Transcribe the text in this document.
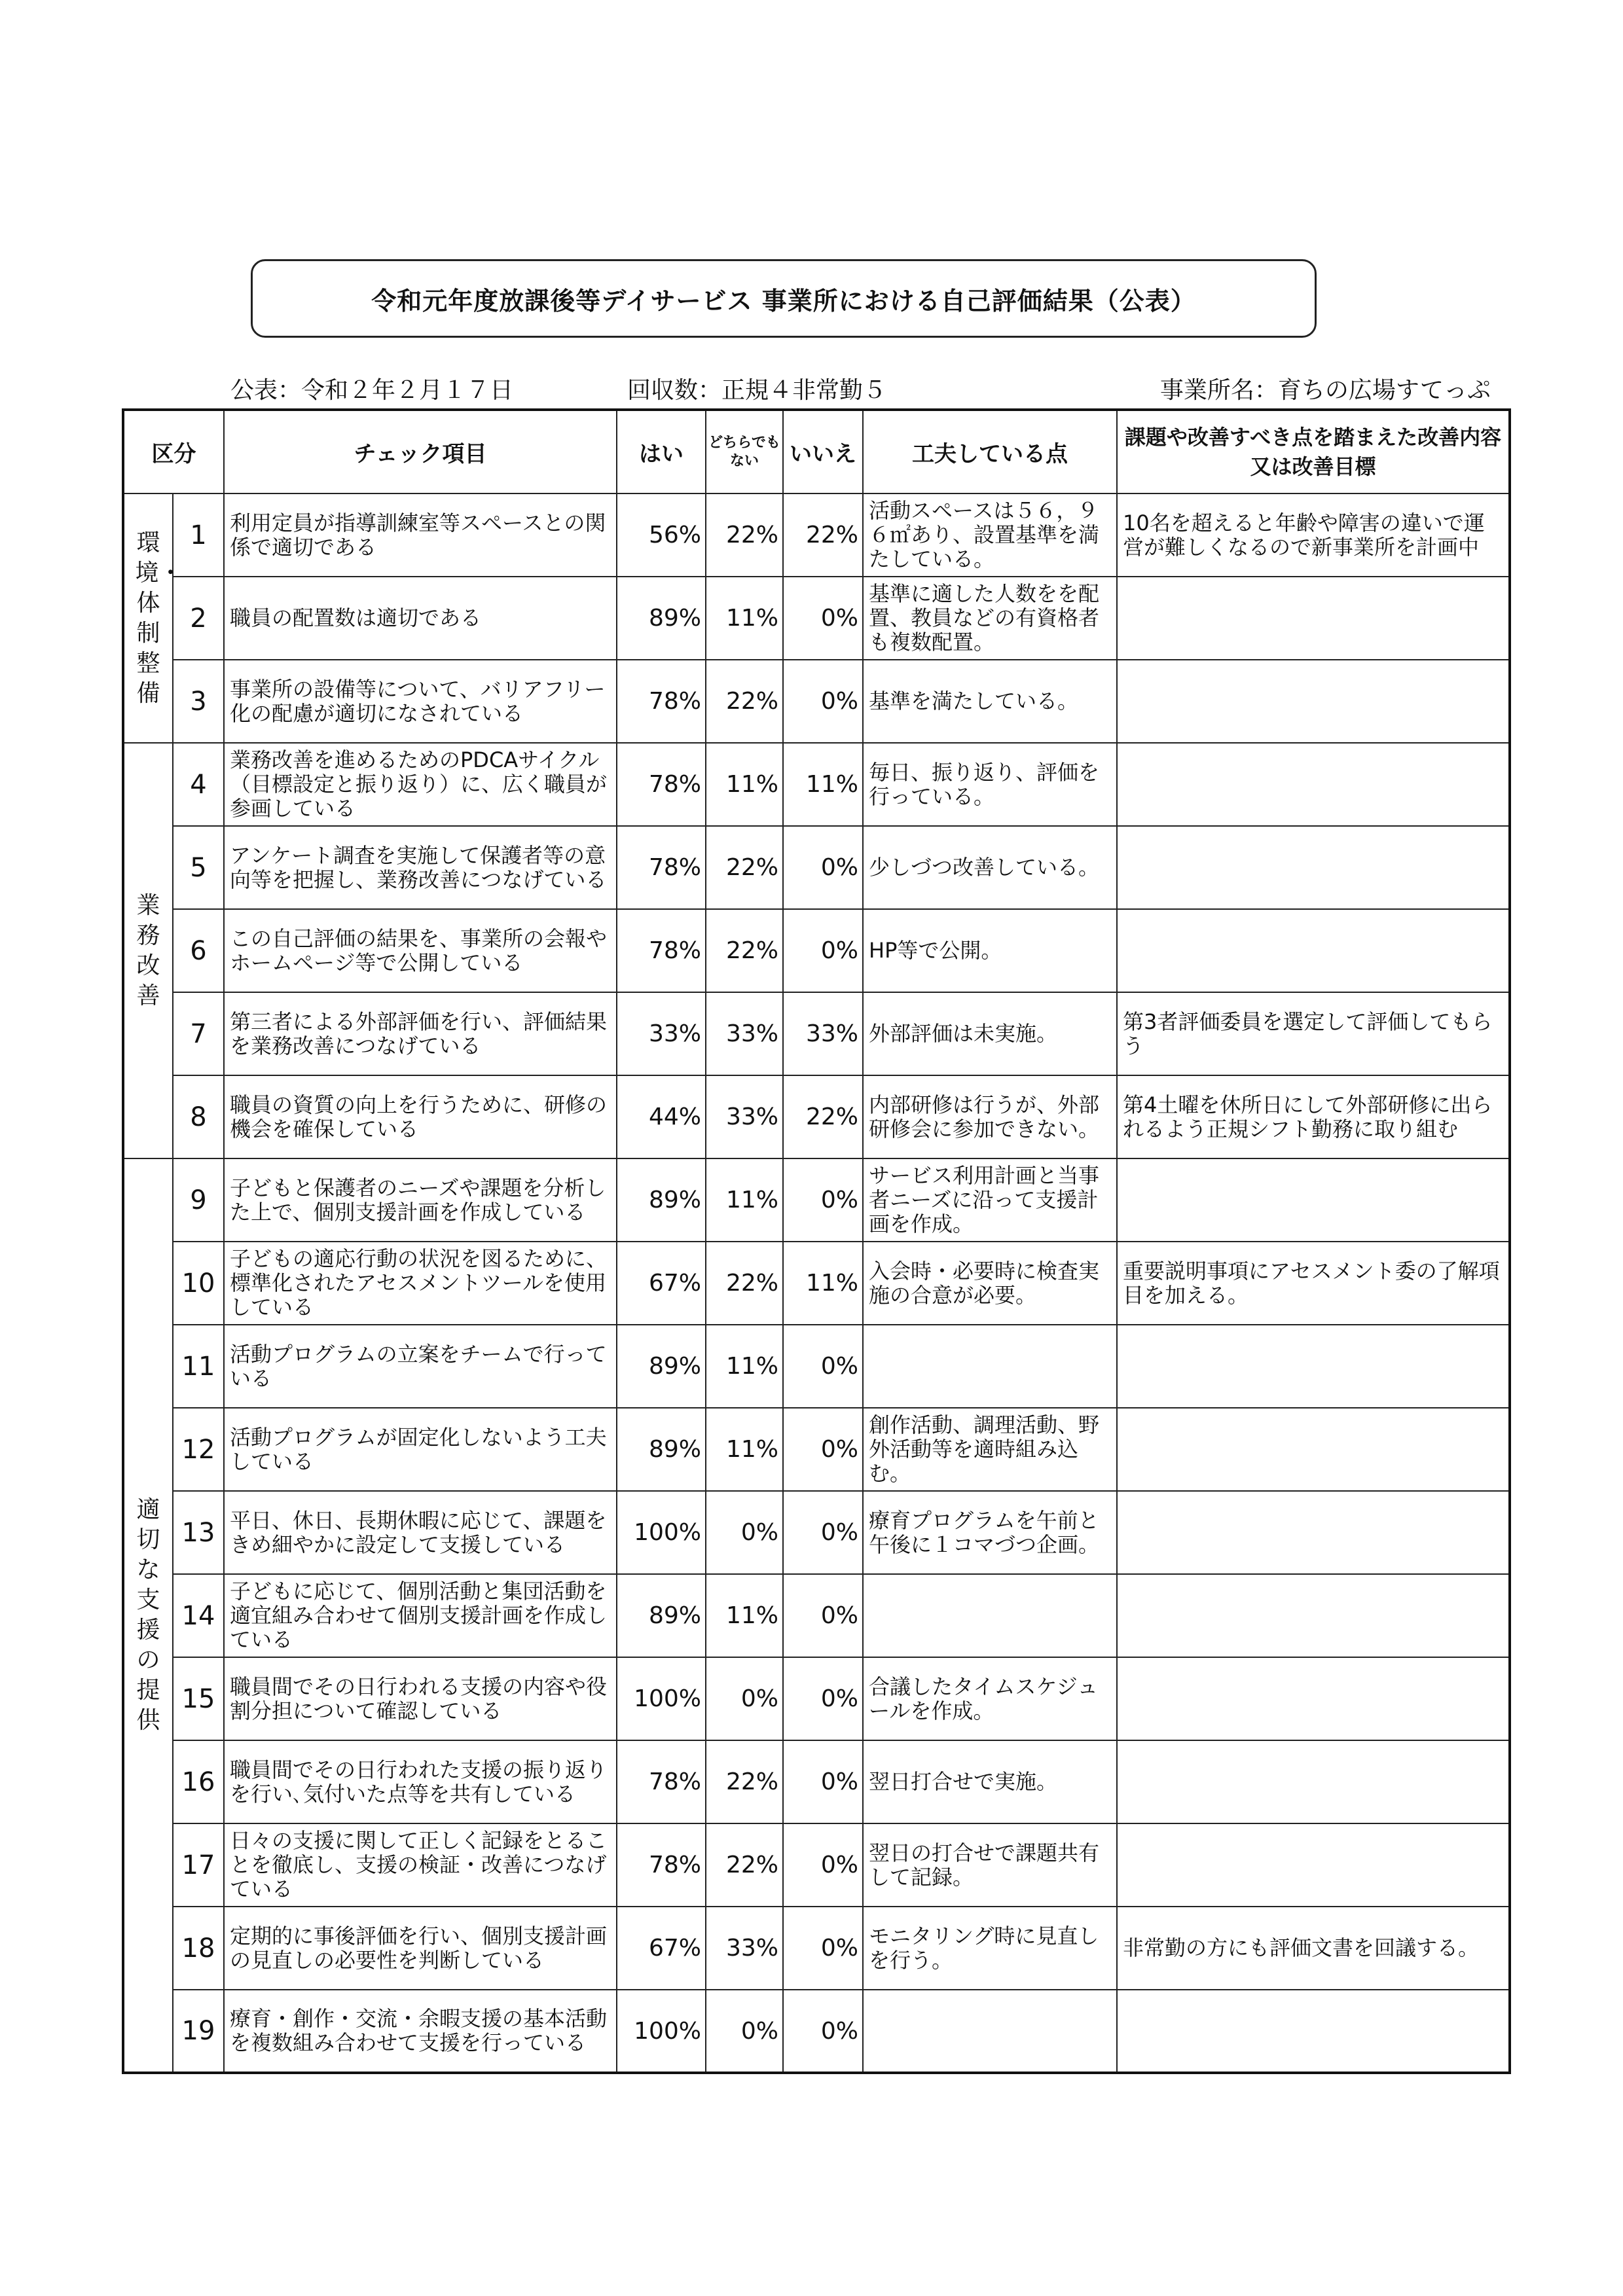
令和元年度放課後等デイサービス 事業所における自己評価結果（公表）
公表：令和２年２月１７日	回収数：正規４非常勤５	事業所名：育ちの広場すてっぷ
区分		チェック項目	はい	どちらでもない	いいえ	工夫している点	課題や改善すべき点を踏まえた改善内容又は改善目標
環境・体制整備	1	利用定員が指導訓練室等スペースとの関係で適切である	56%	22%	22%	活動スペースは５６，９６㎡あり、設置基準を満たしている。	10名を超えると年齢や障害の違いで運営が難しくなるので新事業所を計画中
	2	職員の配置数は適切である	89%	11%	0%	基準に適した人数をを配置、教員などの有資格者も複数配置。	
	3	事業所の設備等について、バリアフリー化の配慮が適切になされている	78%	22%	0%	基準を満たしている。	
業務改善	4	業務改善を進めるためのPDCAサイクル（目標設定と振り返り）に、広く職員が参画している	78%	11%	11%	毎日、振り返り、評価を行っている。	
	5	アンケート調査を実施して保護者等の意向等を把握し、業務改善につなげている	78%	22%	0%	少しづつ改善している。	
	6	この自己評価の結果を、事業所の会報やホームページ等で公開している	78%	22%	0%	HP等で公開。	
	7	第三者による外部評価を行い、評価結果を業務改善につなげている	33%	33%	33%	外部評価は未実施。	第3者評価委員を選定して評価してもらう
	8	職員の資質の向上を行うために、研修の機会を確保している	44%	33%	22%	内部研修は行うが、外部研修会に参加できない。	第4土曜を休所日にして外部研修に出られるよう正規シフト勤務に取り組む
適切な支援の提供	9	子どもと保護者のニーズや課題を分析した上で、個別支援計画を作成している	89%	11%	0%	サービス利用計画と当事者ニーズに沿って支援計画を作成。	
	10	子どもの適応行動の状況を図るために、標準化されたアセスメントツールを使用している	67%	22%	11%	入会時・必要時に検査実施の合意が必要。	重要説明事項にアセスメント委の了解項目を加える。
	11	活動プログラムの立案をチームで行っている	89%	11%	0%		
	12	活動プログラムが固定化しないよう工夫している	89%	11%	0%	創作活動、調理活動、野外活動等を適時組み込む。	
	13	平日、休日、長期休暇に応じて、課題をきめ細やかに設定して支援している	100%	0%	0%	療育プログラムを午前と午後に１コマづつ企画。	
	14	子どもに応じて、個別活動と集団活動を適宜組み合わせて個別支援計画を作成している	89%	11%	0%		
	15	職員間でその日行われる支援の内容や役割分担について確認している	100%	0%	0%	合議したタイムスケジュールを作成。	
	16	職員間でその日行われた支援の振り返りを行い､気付いた点等を共有している	78%	22%	0%	翌日打合せで実施。	
	17	日々の支援に関して正しく記録をとることを徹底し、支援の検証・改善につなげている	78%	22%	0%	翌日の打合せで課題共有して記録。	
	18	定期的に事後評価を行い、個別支援計画の見直しの必要性を判断している	67%	33%	0%	モニタリング時に見直しを行う。	非常勤の方にも評価文書を回議する。
	19	療育・創作・交流・余暇支援の基本活動を複数組み合わせて支援を行っている	100%	0%	0%		
